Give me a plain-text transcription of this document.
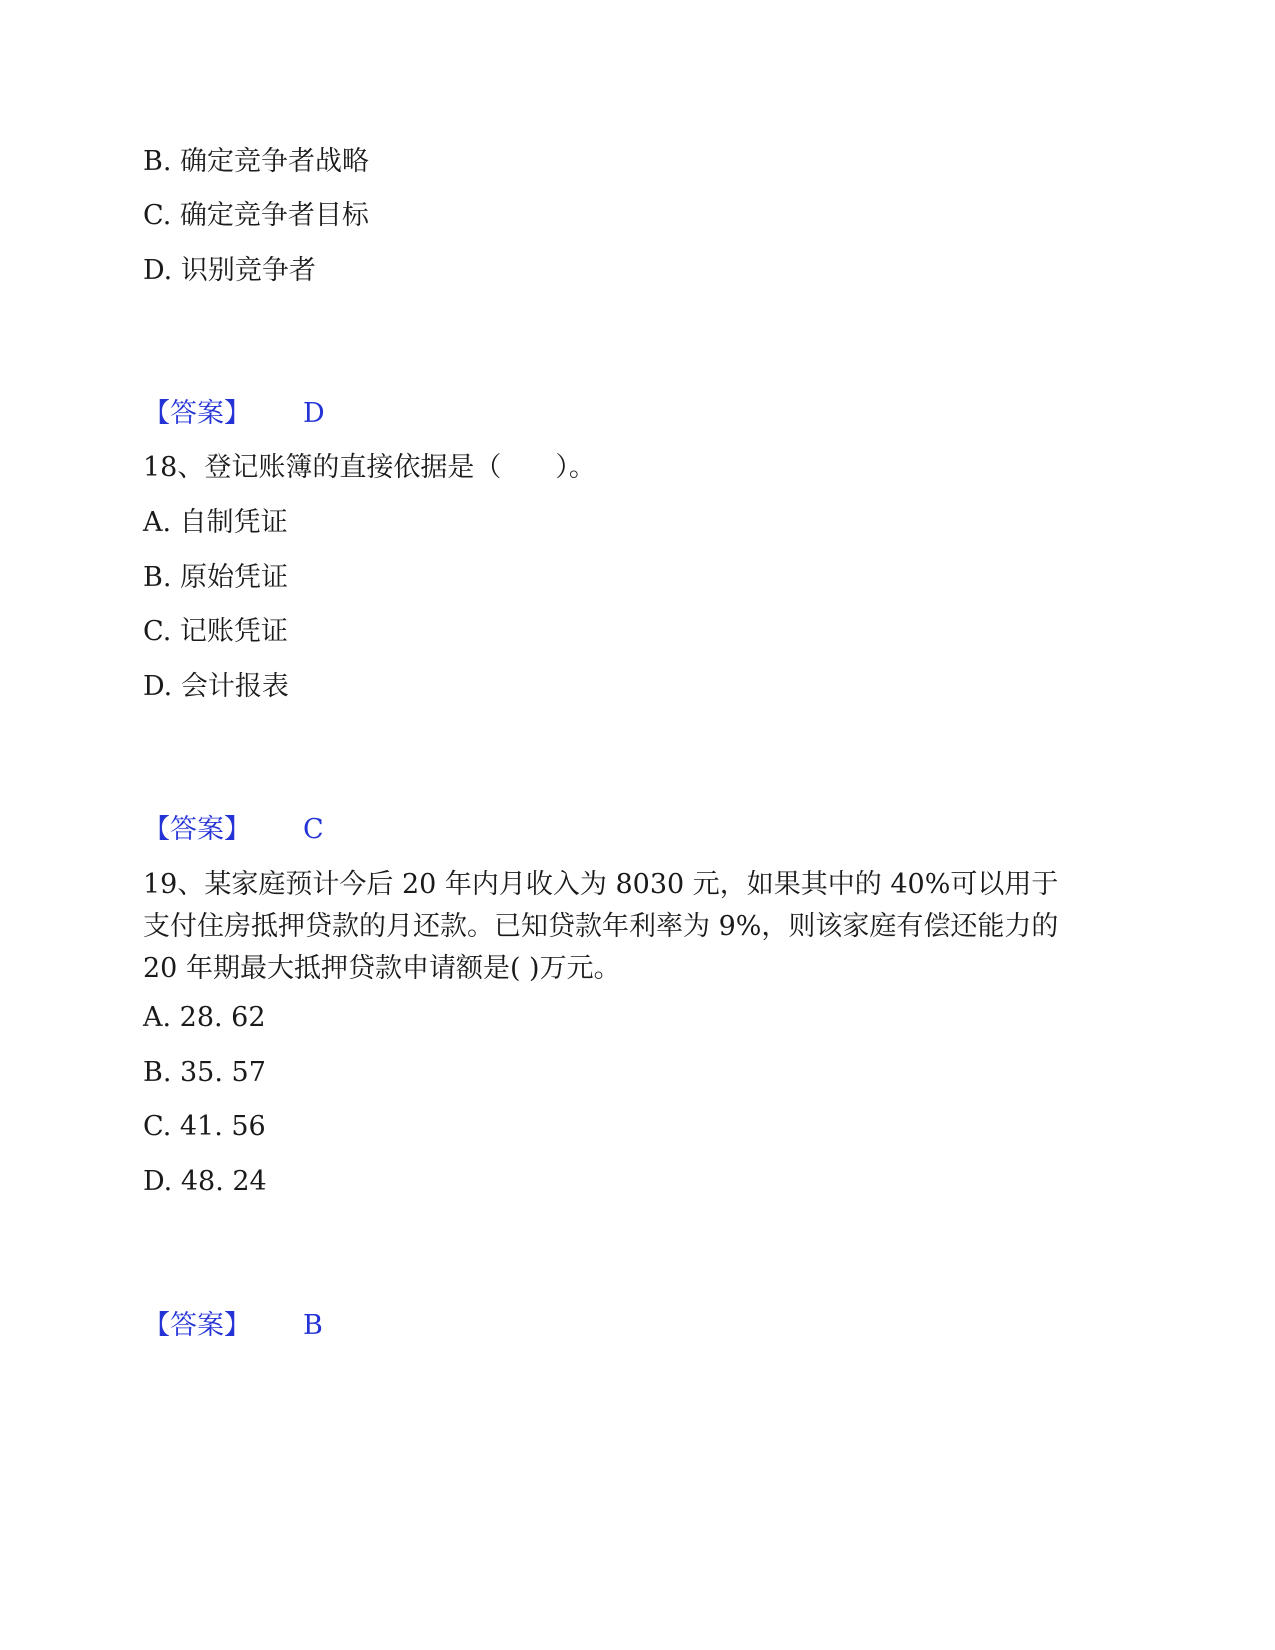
B. 确定竞争者战略
C. 确定竞争者目标
D. 识别竞争者
【答案】 D
18、登记账簿的直接依据是（　　）。
A. 自制凭证
B. 原始凭证
C. 记账凭证
D. 会计报表
【答案】 C
19、某家庭预计今后 20 年内月收入为 8030 元，如果其中的 40%可以用于支付住房抵押贷款的月还款。已知贷款年利率为 9%，则该家庭有偿还能力的 20 年期最大抵押贷款申请额是( )万元。
A. 28. 62
B. 35. 57
C. 41. 56
D. 48. 24
【答案】 B
